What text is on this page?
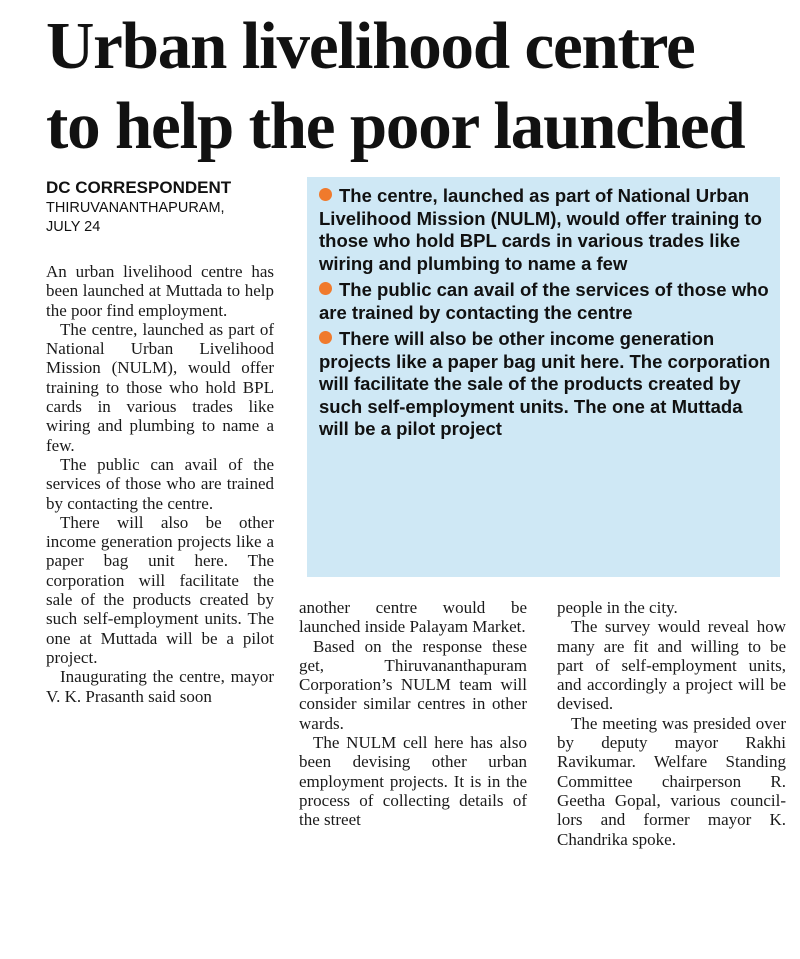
Urban livelihood centre
to help the poor launched
DC CORRESPONDENT
THIRUVANANTHAPURAM,
JULY 24
The centre, launched as part of National Urban Livelihood Mission (NULM), would offer training to those who hold BPL cards in various trades like wiring and plumbing to name a few
The public can avail of the services of those who are trained by contacting the centre
There will also be other income generation projects like a paper bag unit here. The corporation will facilitate the sale of the products created by such self-employment units. The one at Muttada will be a pilot project

An urban livelihood centre has been launched at Muttada to help the poor find employment.

The centre, launched as part of National Urban Livelihood Mission (NULM), would offer training to those who hold BPL cards in various trades like wiring and plumbing to name a few.

The public can avail of the services of those who are trained by contacting the centre.

There will also be other income generation projects like a paper bag unit here. The corporation will facilitate the sale of the products created by such self-employment units. The one at Muttada will be a pilot project.

Inaugurating the centre, mayor V. K. Prasanth said soon

another centre would be launched inside Palayam Market.

Based on the response these get, Thiruvananthapuram Corporation’s NULM team will consider similar centres in other wards.

The NULM cell here has also been devising other urban employment projects. It is in the process of collecting details of the street

people in the city.

The survey would reveal how many are fit and willing to be part of self-employment units, and accordingly a project will be devised.

The meeting was presided over by deputy mayor Rakhi Ravikumar. Welfare Standing Committee chairperson R. Geetha Gopal, various councillors and former mayor K. Chandrika spoke.
